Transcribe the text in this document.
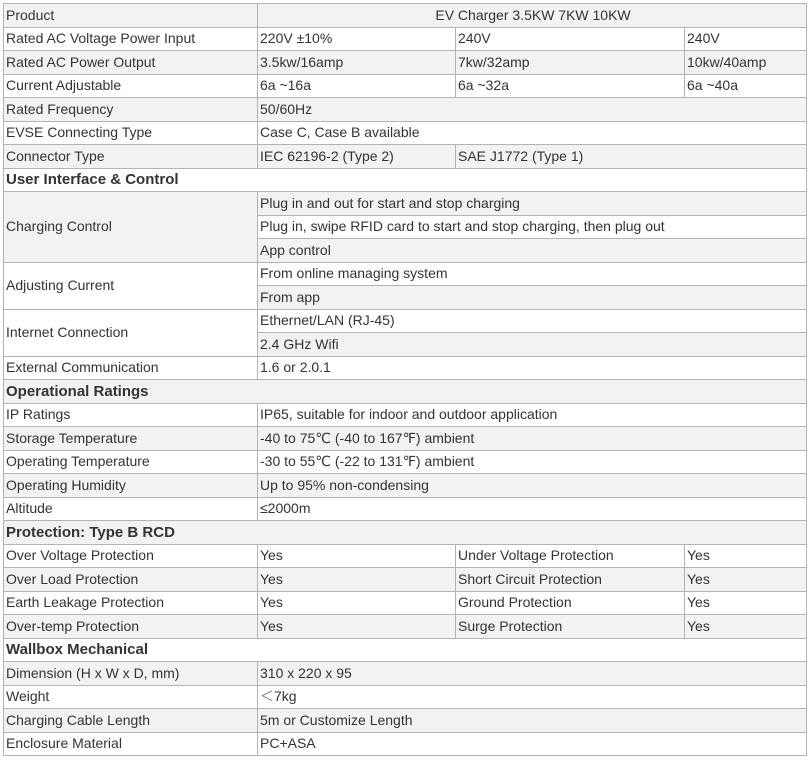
Product	EV Charger 3.5KW 7KW 10KW		
Rated AC Voltage Power Input	220V ±10%	240V	240V
Rated AC Power Output	3.5kw/16amp	7kw/32amp	10kw/40amp
Current Adjustable	6a ~16a	6a ~32a	6a ~40a
Rated Frequency	50/60Hz		
EVSE Connecting Type	Case C, Case B available		
Connector Type	IEC 62196-2 (Type 2)	SAE J1772 (Type 1)	
User Interface & Control			
Charging Control	Plug in and out for start and stop charging		
	Plug in, swipe RFID card to start and stop charging, then plug out		
	App control		
Adjusting Current	From online managing system		
	From app		
Internet Connection	Ethernet/LAN (RJ-45)		
	2.4 GHz Wifi		
External Communication	1.6 or 2.0.1		
Operational Ratings			
IP Ratings	IP65, suitable for indoor and outdoor application		
Storage Temperature	-40 to 75℃ (-40 to 167℉) ambient		
Operating Temperature	-30 to 55℃ (-22 to 131℉) ambient		
Operating Humidity	Up to 95% non-condensing		
Altitude	≤2000m		
Protection: Type B RCD			
Over Voltage Protection	Yes	Under Voltage Protection	Yes
Over Load Protection	Yes	Short Circuit Protection	Yes
Earth Leakage Protection	Yes	Ground Protection	Yes
Over-temp Protection	Yes	Surge Protection	Yes
Wallbox Mechanical			
Dimension (H x W x D, mm)	310 x 220 x 95		
Weight	＜7kg		
Charging Cable Length	5m or Customize Length		
Enclosure Material	PC+ASA		
